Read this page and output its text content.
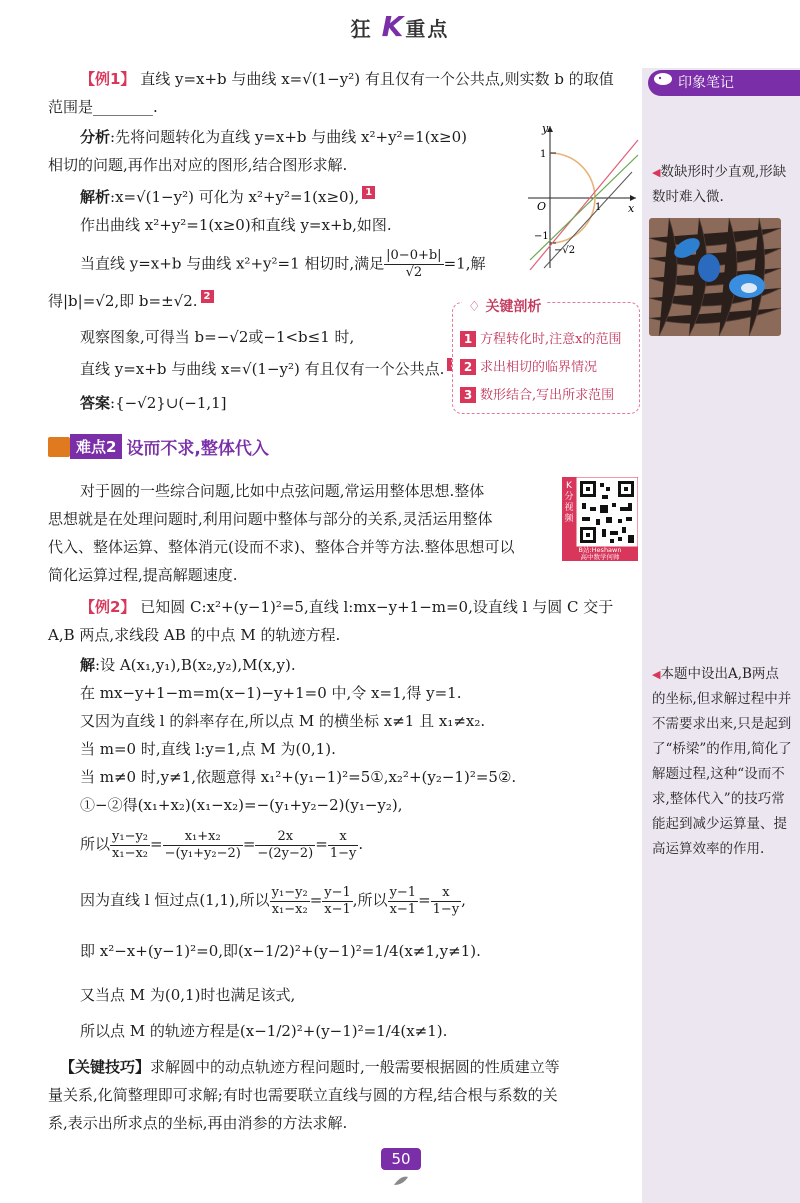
狂 K重点
印象笔记
◀数缺形时少直观,形缺数时难入微.
◀本题中设出A,B两点的坐标,但求解过程中并不需要求出来,只是起到了“桥梁”的作用,简化了解题过程,这种“设而不求,整体代入”的技巧常能起到减少运算量、提高运算效率的作用.
【例1】 直线 y=x+b 与曲线 x=√(1−y²) 有且仅有一个公共点,则实数 b 的取值
范围是________.
分析:先将问题转化为直线 y=x+b 与曲线 x²+y²=1(x≥0)
相切的问题,再作出对应的图形,结合图形求解.
解析:x=√(1−y²) 可化为 x²+y²=1(x≥0), 1
作出曲线 x²+y²=1(x≥0)和直线 y=x+b,如图.
当直线 y=x+b 与曲线 x²+y²=1 相切时,满足 $\frac{|0-0+b|}{√2} =1$,解
得|b|=√2,即 b=±√2. 2
观察图象,可得当 b=−√2或−1<b≤1 时,
直线 y=x+b 与曲线 x=√(1−y²) 有且仅有一个公共点.
答案:{−√2}∪(−1,1]
y
x
O
1
1
−1
−√2
♢ 关键剖析
1 方程转化时,注意x的范围
2 求出相切的临界情况
3 数形结合,写出所求范围
难点2 设而不求,整体代入
对于圆的一些综合问题,比如中点弦问题,常运用整体思想.整体
思想就是在处理问题时,利用问题中整体与部分的关系,灵活运用整体
代入、整体运算、整体消元(设而不求)、整体合并等方法.整体思想可以
简化运算过程,提高解题速度.
K分视频
B站:Heshawn
高中数学何帅
【例2】 已知圆 C:x²+(y−1)²=5,直线 l:mx−y+1−m=0,设直线 l 与圆 C 交于
A,B 两点,求线段 AB 的中点 M 的轨迹方程.
解:设 A(x₁,y₁),B(x₂,y₂),M(x,y).
在 mx−y+1−m=m(x−1)−y+1=0 中,令 x=1,得 y=1.
又因为直线 l 的斜率存在,所以点 M 的横坐标 x≠1 且 x₁≠x₂.
当 m=0 时,直线 l:y=1,点 M 为(0,1).
当 m≠0 时,y≠1,依题意得 x₁²+(y₁−1)²=5①,x₂²+(y₂−1)²=5②.
①−②得(x₁+x₂)(x₁−x₂)=−(y₁+y₂−2)(y₁−y₂),
所以 $\frac{\text{y₁−y₂}}{\text{x₁−x₂}} = \frac{\text{x₁+x₂}}{\text{−(y₁+y₂−2)}} = \frac{2x}{-(2y-2)} = \frac{x}{1-y}$ .
因为直线 l 恒过点(1,1),所以 $\frac{\text{y₁−y₂}}{\text{x₁−x₂}} = \frac{y-1}{x-1}$ ,所以 $\frac{y-1}{x-1} = \frac{x}{1-y}$ ,
即 x²−x+(y−1)²=0,即(x−1/2)²+(y−1)²=1/4(x≠1,y≠1).
又当点 M 为(0,1)时也满足该式,
所以点 M 的轨迹方程是(x−1/2)²+(y−1)²=1/4(x≠1).
【关键技巧】求解圆中的动点轨迹方程问题时,一般需要根据圆的性质建立等
量关系,化简整理即可求解;有时也需要联立直线与圆的方程,结合根与系数的关
系,表示出所求点的坐标,再由消参的方法求解.
50
